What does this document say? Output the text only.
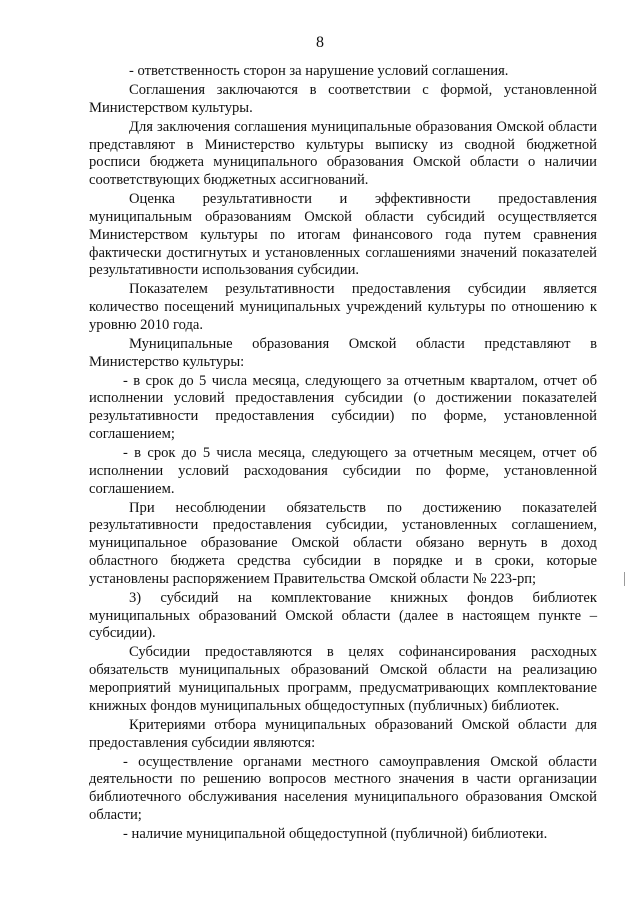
8

- ответственность сторон за нарушение условий соглашения.

Соглашения заключаются в соответствии с формой, установленной Министерством культуры.

Для заключения соглашения муниципальные образования Омской области представляют в Министерство культуры выписку из сводной бюджетной росписи бюджета муниципального образования Омской области о наличии соответствующих бюджетных ассигнований.

Оценка результативности и эффективности предоставления муниципальным образованиям Омской области субсидий осуществляется Министерством культуры по итогам финансового года путем сравнения фактически достигнутых и установленных соглашениями значений показателей результативности использования субсидии.

Показателем результативности предоставления субсидии является количество посещений муниципальных учреждений культуры по отношению к уровню 2010 года.

Муниципальные образования Омской области представляют в Министерство культуры:

- в срок до 5 числа месяца, следующего за отчетным кварталом, отчет об исполнении условий предоставления субсидии (о достижении показателей результативности предоставления субсидии) по форме, установленной соглашением;

- в срок до 5 числа месяца, следующего за отчетным месяцем, отчет об исполнении условий расходования субсидии по форме, установленной соглашением.

При несоблюдении обязательств по достижению показателей результативности предоставления субсидии, установленных соглашением, муниципальное образование Омской области обязано вернуть в доход областного бюджета средства субсидии в порядке и в сроки, которые установлены распоряжением Правительства Омской области № 223-рп;

3) субсидий на комплектование книжных фондов библиотек муниципальных образований Омской области (далее в настоящем пункте – субсидии).

Субсидии предоставляются в целях софинансирования расходных обязательств муниципальных образований Омской области на реализацию мероприятий муниципальных программ, предусматривающих комплектование книжных фондов муниципальных общедоступных (публичных) библиотек.

Критериями отбора муниципальных образований Омской области для предоставления субсидии являются:

- осуществление органами местного самоуправления Омской области деятельности по решению вопросов местного значения в части организации библиотечного обслуживания населения муниципального образования Омской области;

- наличие муниципальной общедоступной (публичной) библиотеки.
